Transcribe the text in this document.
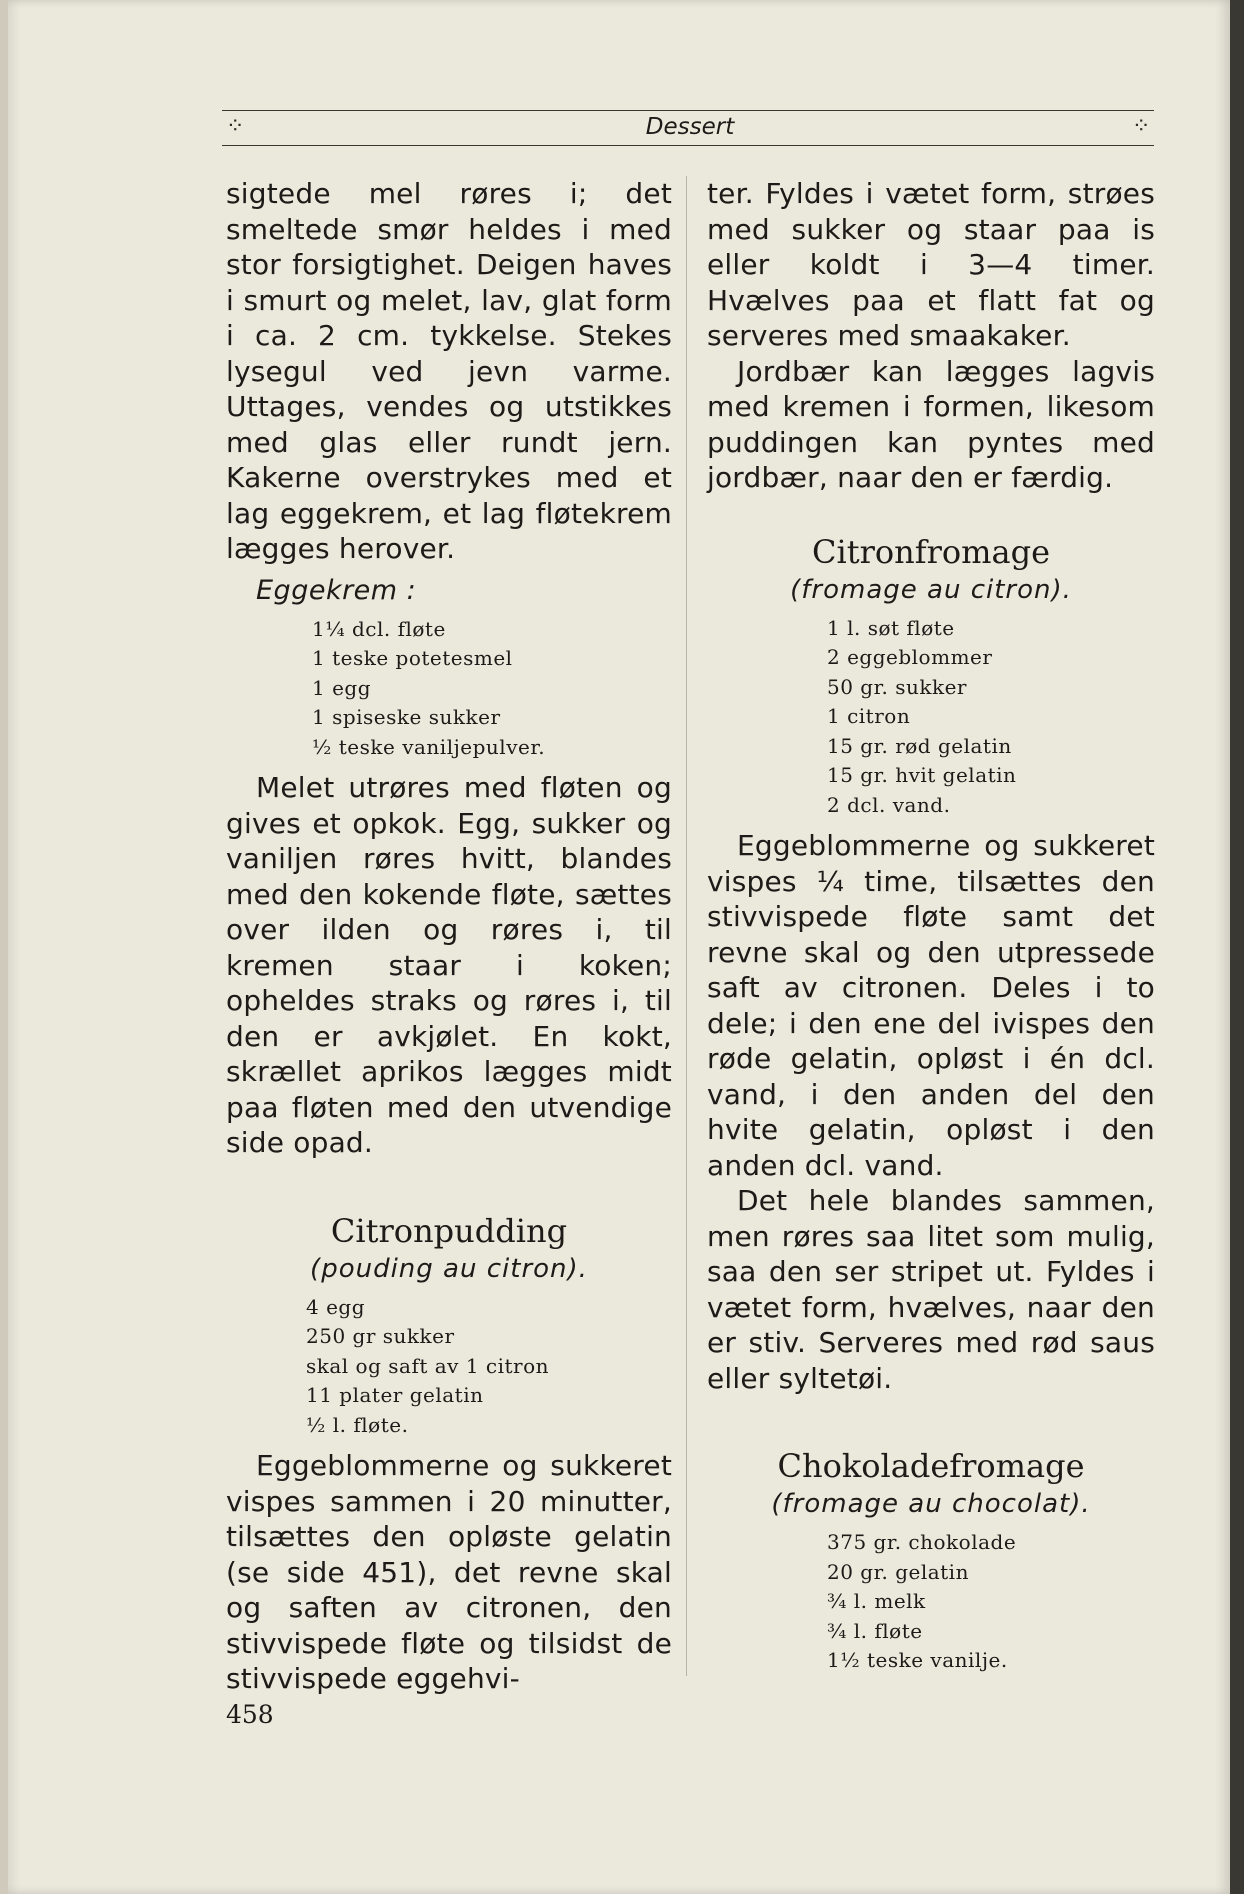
⁘	Dessert	⁘

sigtede mel røres i; det smeltede smør heldes i med stor forsigtighet. Deigen haves i smurt og melet, lav, glat form i ca. 2 cm. tykkelse. Stekes lysegul ved jevn varme. Uttages, vendes og utstikkes med glas eller rundt jern. Kakerne overstrykes med et lag eggekrem, et lag fløtekrem lægges herover.

Eggekrem :

1¼ dcl. fløte
1 teske potetesmel
1 egg
1 spiseske sukker
½ teske vaniljepulver.

Melet utrøres med fløten og gives et opkok. Egg, sukker og vaniljen røres hvitt, blandes med den kokende fløte, sættes over ilden og røres i, til kremen staar i koken; opheldes straks og røres i, til den er avkjølet. En kokt, skrællet aprikos lægges midt paa fløten med den utvendige side opad.

Citronpudding

(pouding au citron).

4 egg
250 gr sukker
skal og saft av 1 citron
11 plater gelatin
½ l. fløte.

Eggeblommerne og sukkeret vispes sammen i 20 minutter, tilsættes den opløste gelatin (se side 451), det revne skal og saften av citronen, den stivvispede fløte og tilsidst de stivvispede eggehvi-

ter. Fyldes i vætet form, strøes med sukker og staar paa is eller koldt i 3—4 timer. Hvælves paa et flatt fat og serveres med smaakaker.

Jordbær kan lægges lagvis med kremen i formen, likesom puddingen kan pyntes med jordbær, naar den er færdig.

Citronfromage

(fromage au citron).

1 l. søt fløte
2 eggeblommer
50 gr. sukker
1 citron
15 gr. rød gelatin
15 gr. hvit gelatin
2 dcl. vand.

Eggeblommerne og sukkeret vispes ¼ time, tilsættes den stivvispede fløte samt det revne skal og den utpressede saft av citronen. Deles i to dele; i den ene del ivispes den røde gelatin, opløst i én dcl. vand, i den anden del den hvite gelatin, opløst i den anden dcl. vand.

Det hele blandes sammen, men røres saa litet som mulig, saa den ser stripet ut. Fyldes i vætet form, hvælves, naar den er stiv. Serveres med rød saus eller syltetøi.

Chokoladefromage

(fromage au chocolat).

375 gr. chokolade
20 gr. gelatin
¾ l. melk
¾ l. fløte
1½ teske vanilje.
458
